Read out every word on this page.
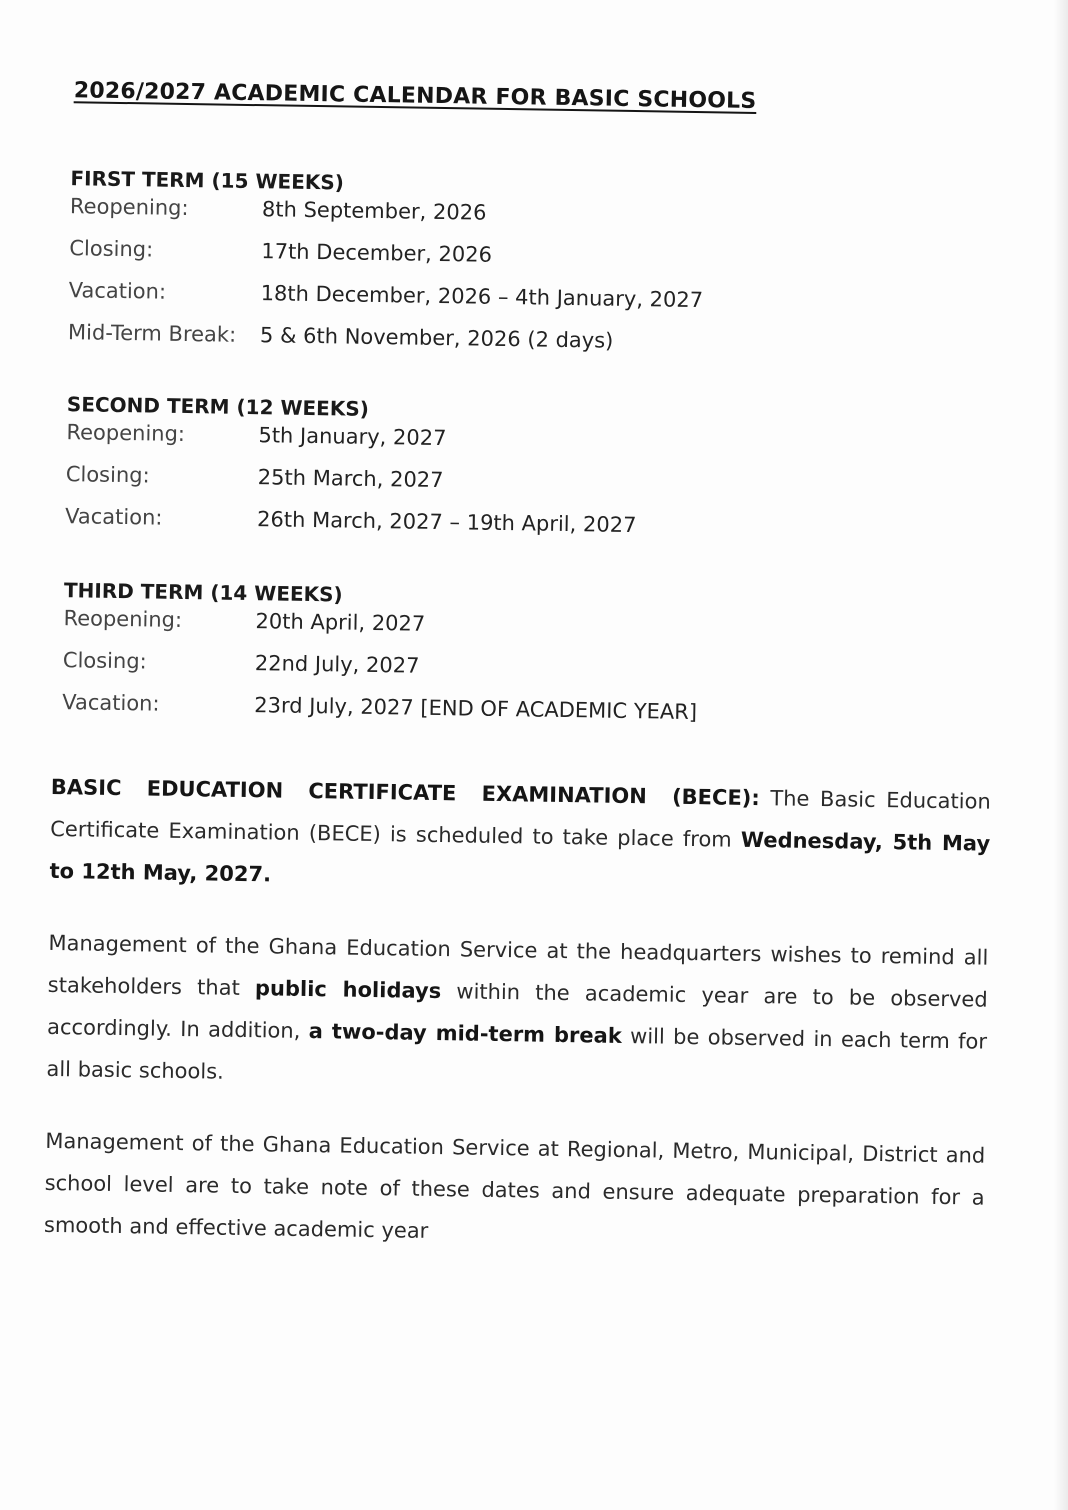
2026/2027 ACADEMIC CALENDAR FOR BASIC SCHOOLS
FIRST TERM (15 WEEKS)
Reopening:	8th September, 2026
Closing:	17th December, 2026
Vacation:	18th December, 2026 – 4th January, 2027
Mid-Term Break:	5 & 6th November, 2026 (2 days)
SECOND TERM (12 WEEKS)
Reopening:	5th January, 2027
Closing:	25th March, 2027
Vacation:	26th March, 2027 – 19th April, 2027
THIRD TERM (14 WEEKS)
Reopening:	20th April, 2027
Closing:	22nd July, 2027
Vacation:	23rd July, 2027 [END OF ACADEMIC YEAR]
BASIC EDUCATION CERTIFICATE EXAMINATION (BECE): The Basic Education Certificate Examination (BECE) is scheduled to take place from Wednesday, 5th May to 12th May, 2027.
Management of the Ghana Education Service at the headquarters wishes to remind all stakeholders that public holidays within the academic year are to be observed accordingly. In addition, a two-day mid-term break will be observed in each term for all basic schools.
Management of the Ghana Education Service at Regional, Metro, Municipal, District and school level are to take note of these dates and ensure adequate preparation for a smooth and effective academic year
